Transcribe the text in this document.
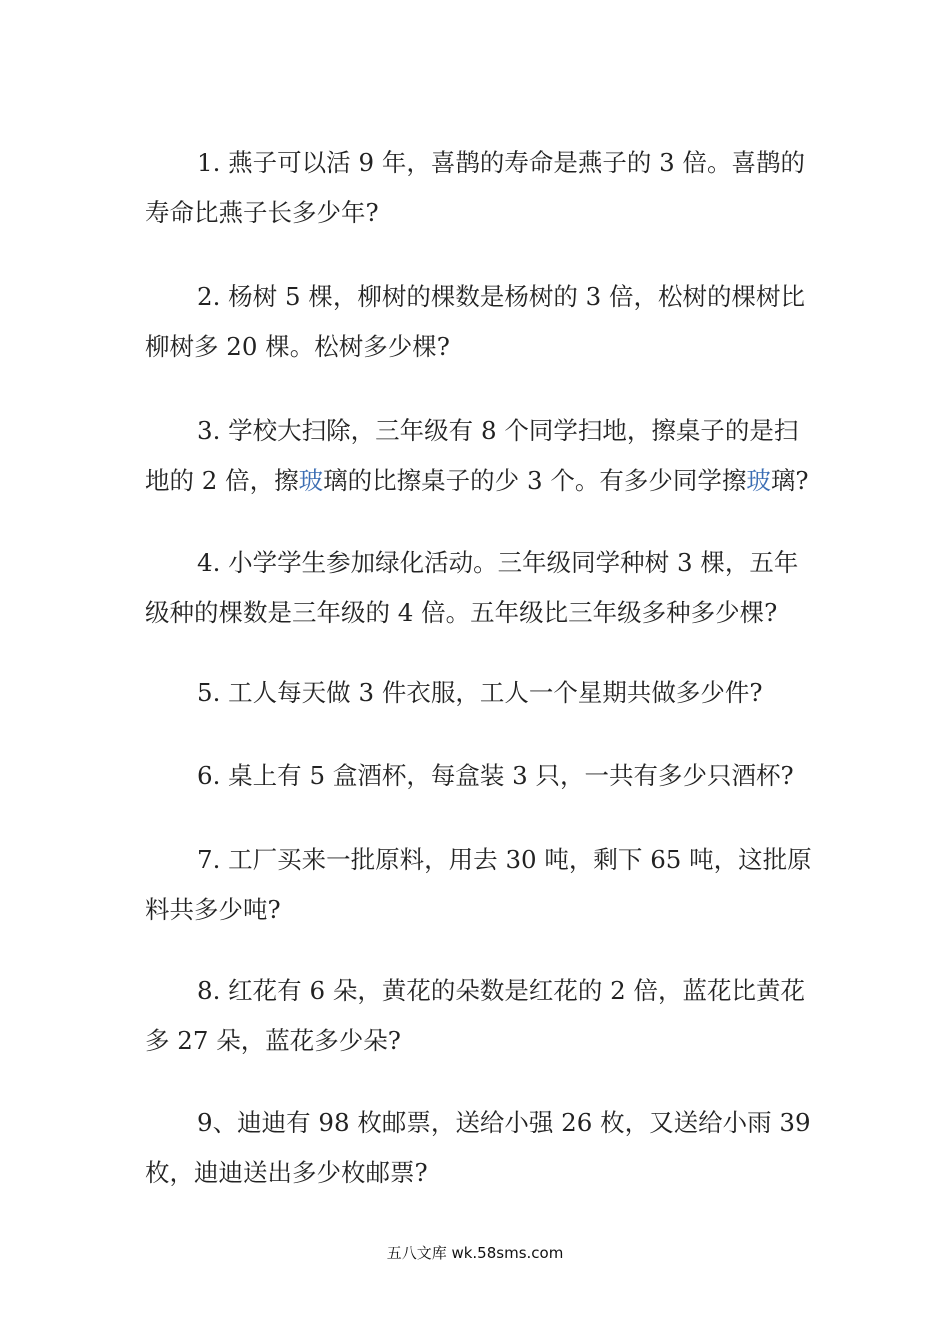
1. 燕子可以活 9 年，喜鹊的寿命是燕子的 3 倍。喜鹊的
寿命比燕子长多少年?
2. 杨树 5 棵，柳树的棵数是杨树的 3 倍，松树的棵树比
柳树多 20 棵。松树多少棵?
3. 学校大扫除，三年级有 8 个同学扫地，擦桌子的是扫
地的 2 倍，擦玻璃的比擦桌子的少 3 个。有多少同学擦玻璃?
4. 小学学生参加绿化活动。三年级同学种树 3 棵，五年
级种的棵数是三年级的 4 倍。五年级比三年级多种多少棵?
5. 工人每天做 3 件衣服，工人一个星期共做多少件?
6. 桌上有 5 盒酒杯，每盒装 3 只，一共有多少只酒杯?
7. 工厂买来一批原料，用去 30 吨，剩下 65 吨，这批原
料共多少吨?
8. 红花有 6 朵，黄花的朵数是红花的 2 倍，蓝花比黄花
多 27 朵，蓝花多少朵?
9、迪迪有 98 枚邮票，送给小强 26 枚，又送给小雨 39
枚，迪迪送出多少枚邮票?
五八文库 wk.58sms.com
